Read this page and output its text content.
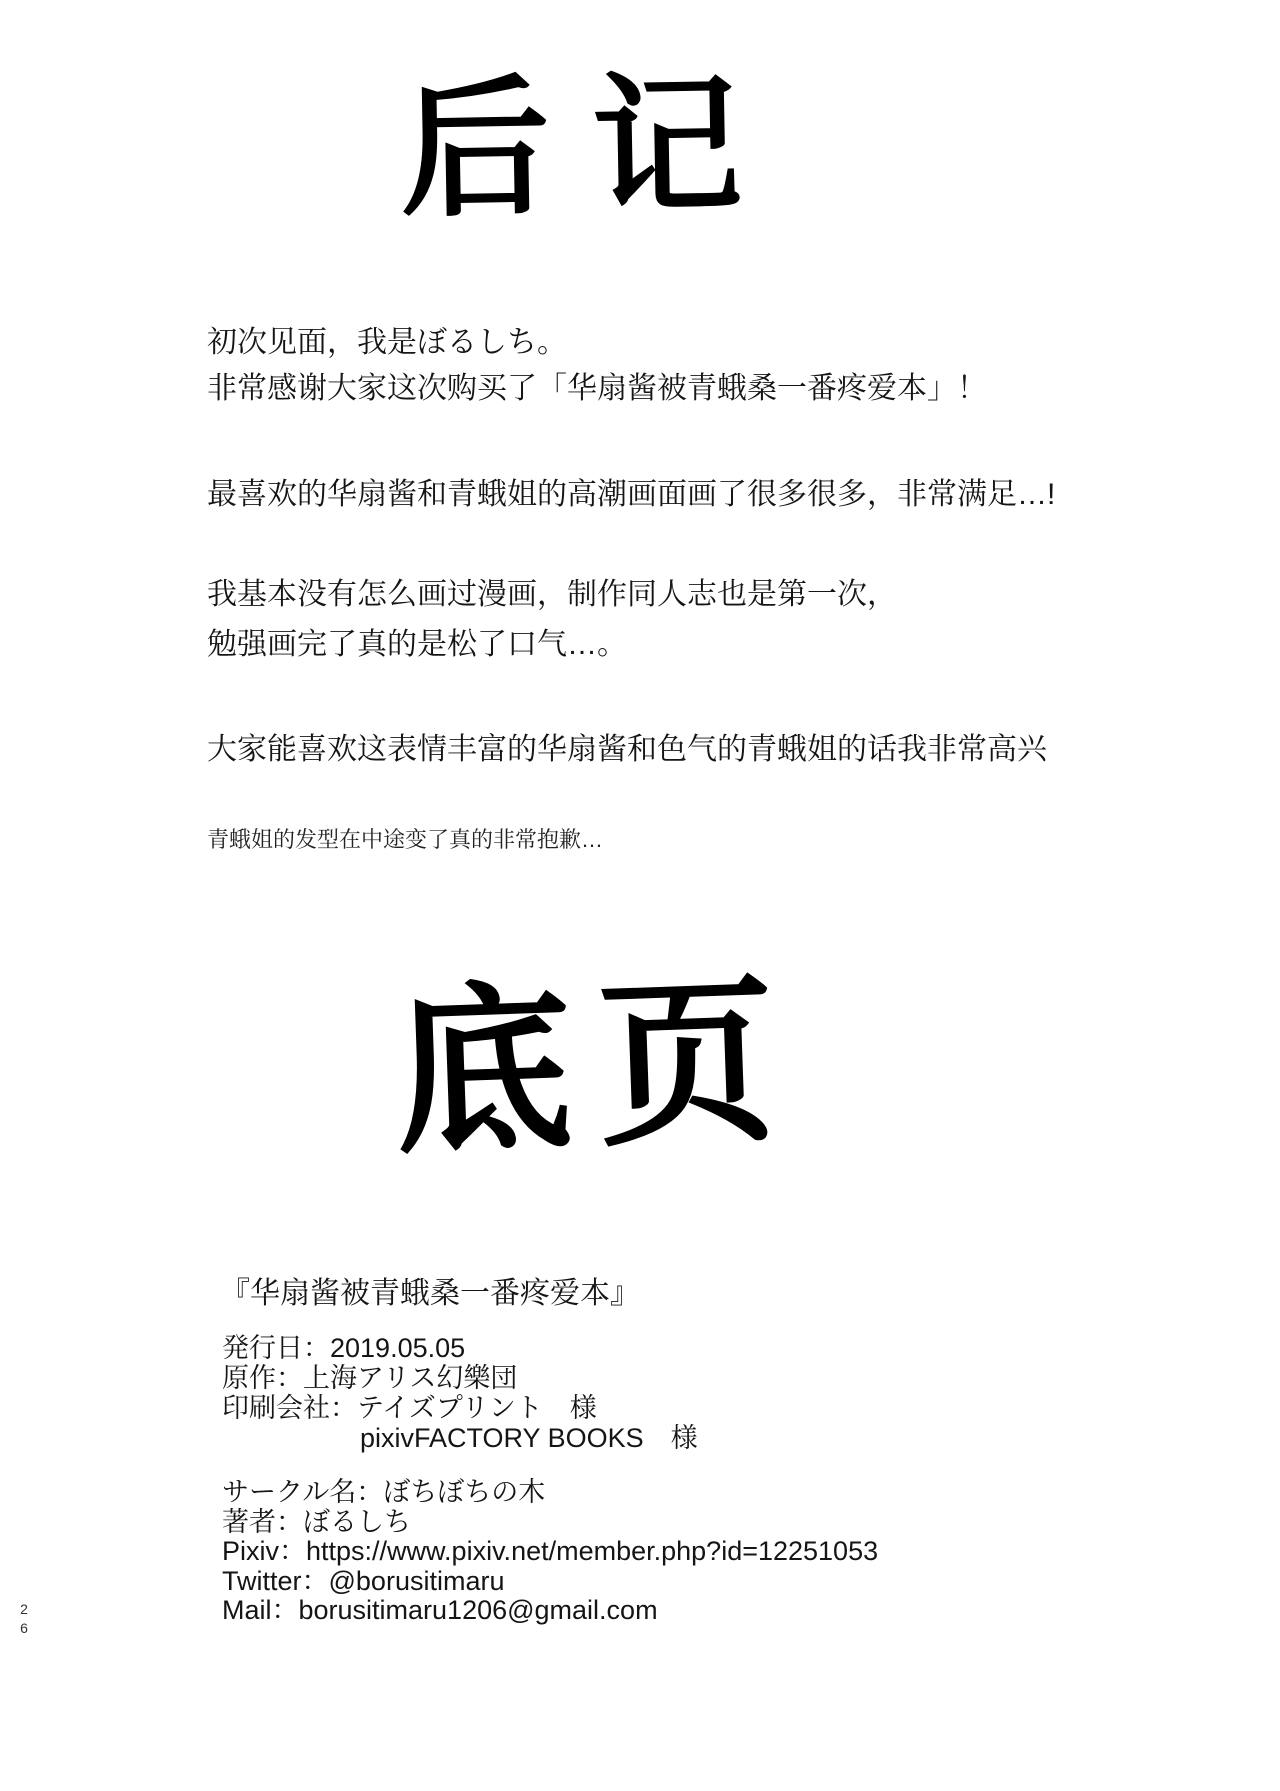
后记
初次见面，我是ぼるしち。
非常感谢大家这次购买了「华扇酱被青蛾桑一番疼爱本」！
最喜欢的华扇酱和青蛾姐的高潮画面画了很多很多，非常满足…!
我基本没有怎么画过漫画，制作同人志也是第一次，
勉强画完了真的是松了口气…。
大家能喜欢这表情丰富的华扇酱和色气的青蛾姐的话我非常高兴
青蛾姐的发型在中途变了真的非常抱歉…
底页
『华扇酱被青蛾桑一番疼爱本』
発行日：2019.05.05
原作：上海アリス幻樂団
印刷会社：テイズプリント　様
pixivFACTORY BOOKS　様
サークル名：ぼちぼちの木
著者：ぼるしち
Pixiv：https://www.pixiv.net/member.php?id=12251053
Twitter：@borusitimaru
Mail：borusitimaru1206@gmail.com
26
